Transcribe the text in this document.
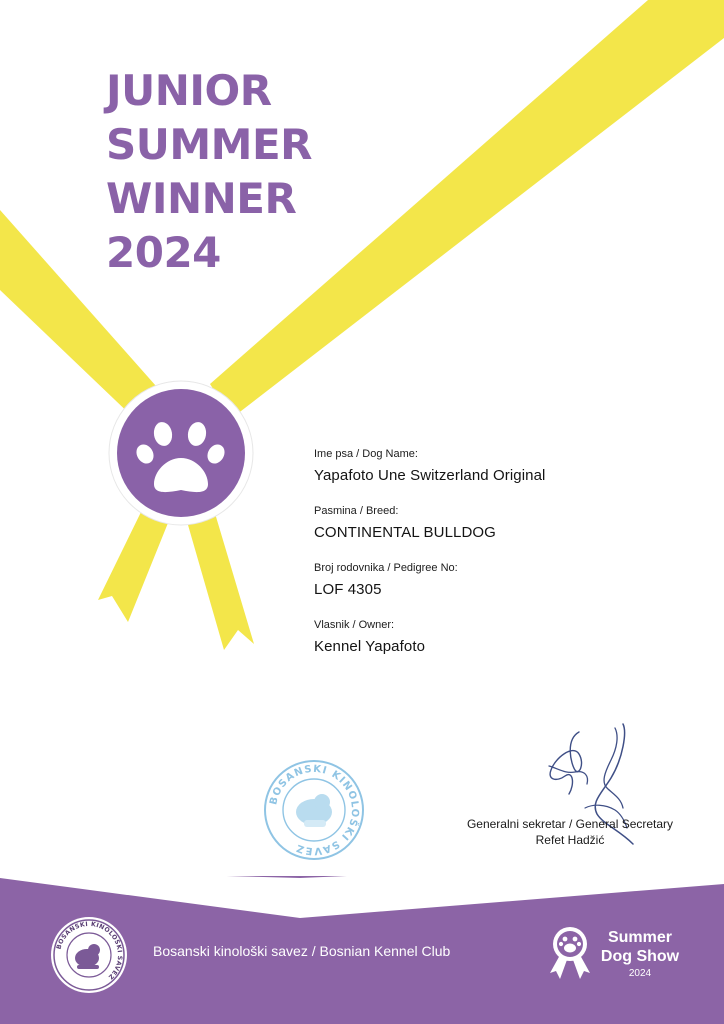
JUNIOR
SUMMER
WINNER
2024
Ime psa / Dog Name:
Yapafoto Une Switzerland Original
Pasmina / Breed:
CONTINENTAL BULLDOG
Broj rodovnika / Pedigree No:
LOF 4305
Vlasnik / Owner:
Kennel Yapafoto
BOSANSKI KINOLOŠKI SAVEZ
Generalni sekretar / General Secretary
Refet Hadžić
BOSANSKI KINOLOŠKI SAVEZ
Bosanski kinološki savez / Bosnian Kennel Club
Summer
Dog Show
2024
